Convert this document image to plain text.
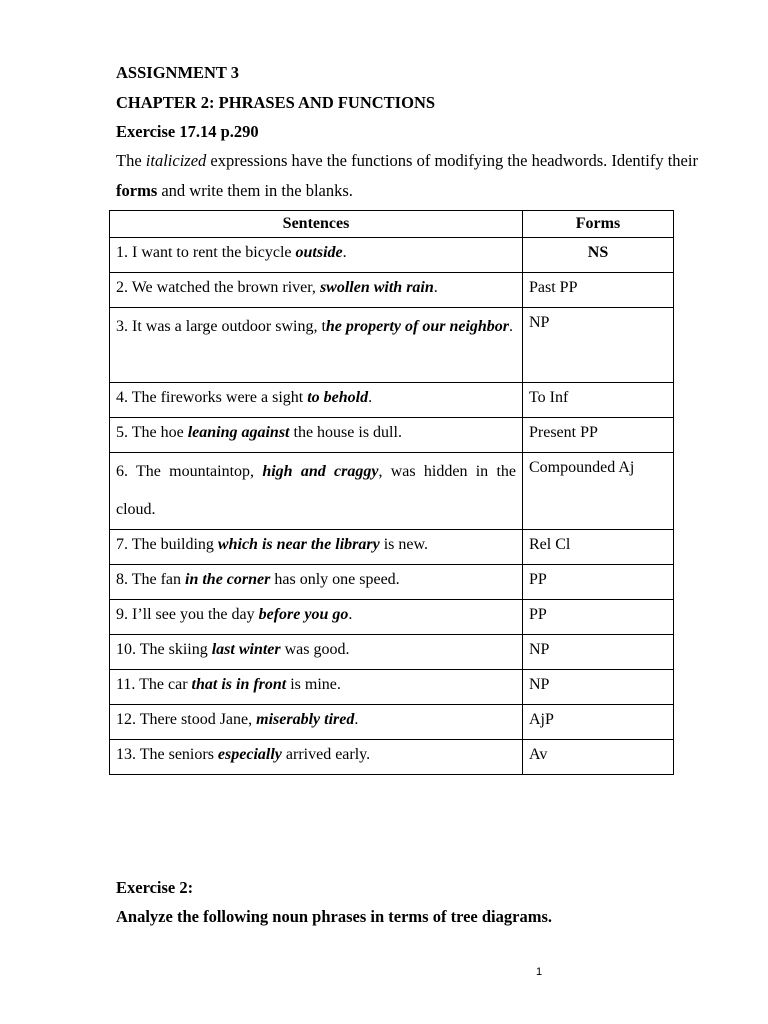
ASSIGNMENT 3
CHAPTER 2: PHRASES AND FUNCTIONS
Exercise 17.14 p.290
The italicized expressions have the functions of modifying the headwords. Identify their forms and write them in the blanks.
Sentences	Forms
1. I want to rent the bicycle outside.	NS
2. We watched the brown river, swollen with rain.	Past PP
3. It was a large outdoor swing, the property of our neighbor.	NP
4. The fireworks were a sight to behold.	To Inf
5. The hoe leaning against the house is dull.	Present PP
6. The mountaintop, high and craggy, was hidden in the cloud.	Compounded Aj
7. The building which is near the library is new.	Rel Cl
8. The fan in the corner has only one speed.	PP
9. I’ll see you the day before you go.	PP
10. The skiing last winter was good.	NP
11. The car that is in front is mine.	NP
12. There stood Jane, miserably tired.	AjP
13. The seniors especially arrived early.	Av
Exercise 2:
Analyze the following noun phrases in terms of tree diagrams.
1
